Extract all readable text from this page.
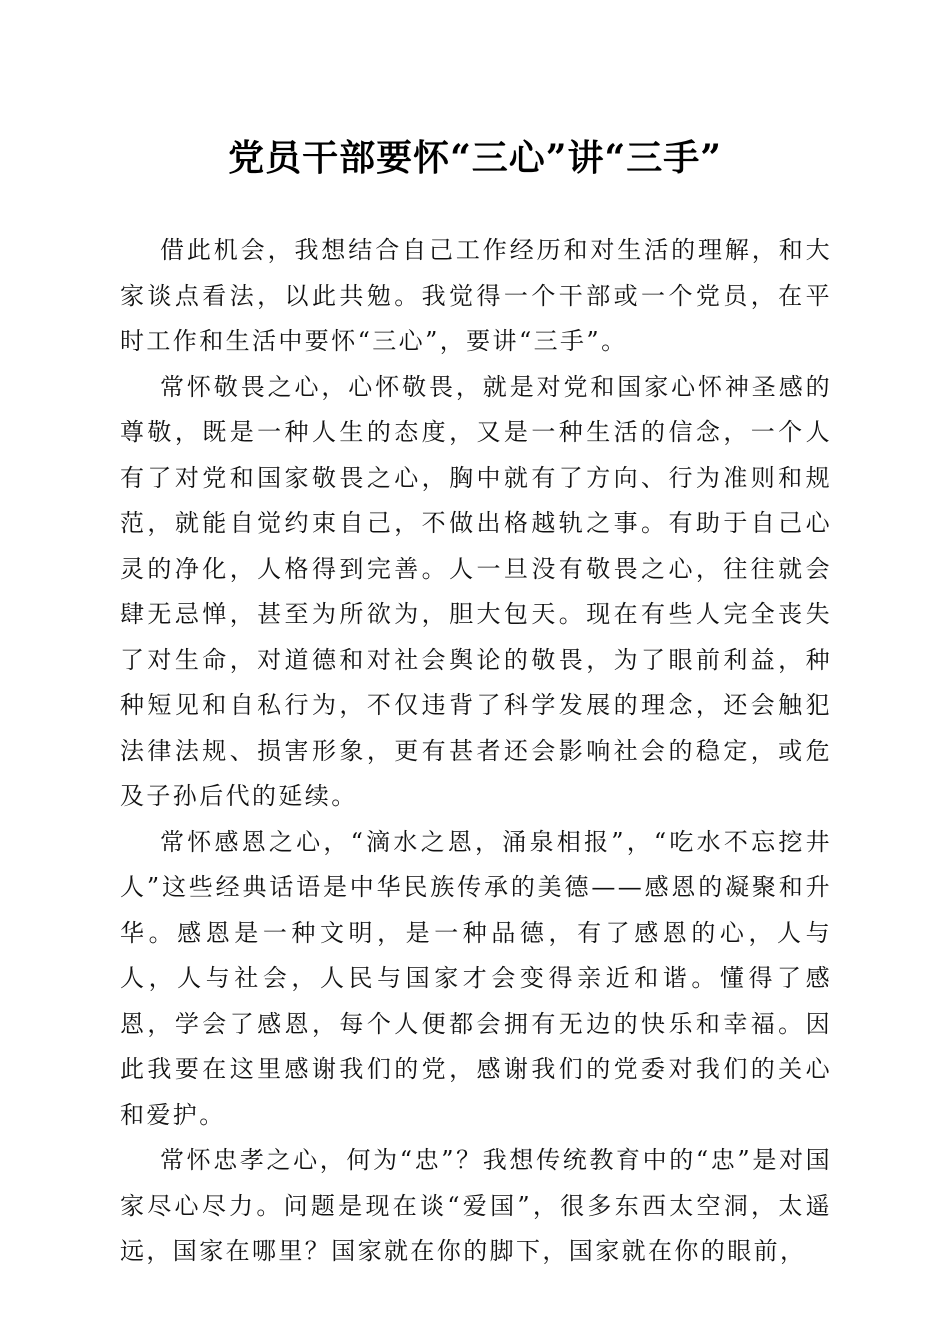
党员干部要怀“三心”讲“三手”

借此机会，我想结合自己工作经历和对生活的理解，和大家谈点看法，以此共勉。我觉得一个干部或一个党员，在平时工作和生活中要怀“三心”，要讲“三手”。

常怀敬畏之心，心怀敬畏，就是对党和国家心怀神圣感的尊敬，既是一种人生的态度，又是一种生活的信念，一个人有了对党和国家敬畏之心，胸中就有了方向、行为准则和规范，就能自觉约束自己，不做出格越轨之事。有助于自己心灵的净化，人格得到完善。人一旦没有敬畏之心，往往就会肆无忌惮，甚至为所欲为，胆大包天。现在有些人完全丧失了对生命，对道德和对社会舆论的敬畏，为了眼前利益，种种短见和自私行为，不仅违背了科学发展的理念，还会触犯法律法规、损害形象，更有甚者还会影响社会的稳定，或危及子孙后代的延续。

常怀感恩之心，“滴水之恩，涌泉相报”，“吃水不忘挖井人”这些经典话语是中华民族传承的美德——感恩的凝聚和升华。感恩是一种文明，是一种品德，有了感恩的心，人与人，人与社会，人民与国家才会变得亲近和谐。懂得了感恩，学会了感恩，每个人便都会拥有无边的快乐和幸福。因此我要在这里感谢我们的党，感谢我们的党委对我们的关心和爱护。

常怀忠孝之心，何为“忠”？我想传统教育中的“忠”是对国家尽心尽力。问题是现在谈“爱国”，很多东西太空洞，太遥远，国家在哪里？国家就在你的脚下，国家就在你的眼前，
